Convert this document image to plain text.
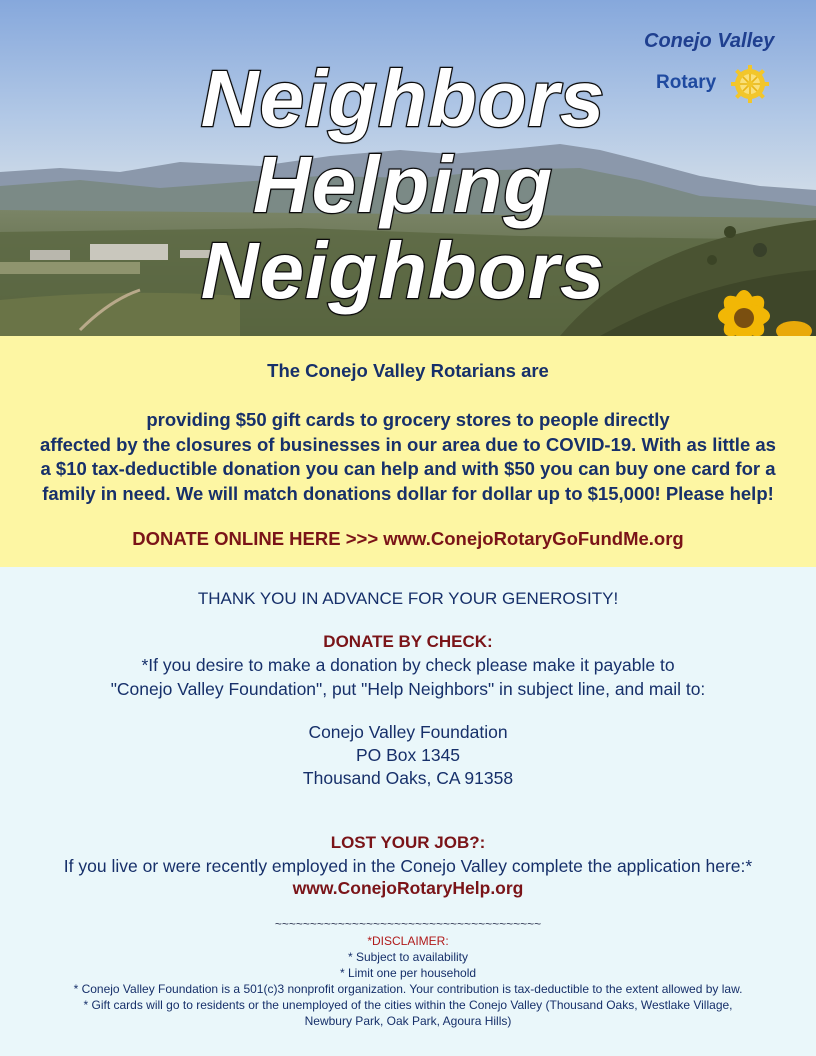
Neighbors
Helping
Neighbors
Conejo Valley
Rotary
The Conejo Valley Rotarians are
providing $50 gift cards to grocery stores to people directly
affected by the closures of businesses in our area due to COVID-19. With as little as
a $10 tax-deductible donation you can help and with $50 you can buy one card for a
family in need. We will match donations dollar for dollar up to $15,000! Please help!
DONATE ONLINE HERE >>> www.ConejoRotaryGoFundMe.org
THANK YOU IN ADVANCE FOR YOUR GENEROSITY!
DONATE BY CHECK:
*If you desire to make a donation by check please make it payable to
"Conejo Valley Foundation", put "Help Neighbors" in subject line, and mail to:
Conejo Valley Foundation
PO Box 1345
Thousand Oaks, CA 91358
LOST YOUR JOB?:
If you live or were recently employed in the Conejo Valley complete the application here:*
www.ConejoRotaryHelp.org
~~~~~~~~~~~~~~~~~~~~~~~~~~~~~~~~~~~~~~
*DISCLAIMER:
* Subject to availability
* Limit one per household
* Conejo Valley Foundation is a 501(c)3 nonprofit organization. Your contribution is tax-deductible to the extent allowed by law.
* Gift cards will go to residents or the unemployed of the cities within the Conejo Valley (Thousand Oaks, Westlake Village,
Newbury Park, Oak Park, Agoura Hills)
